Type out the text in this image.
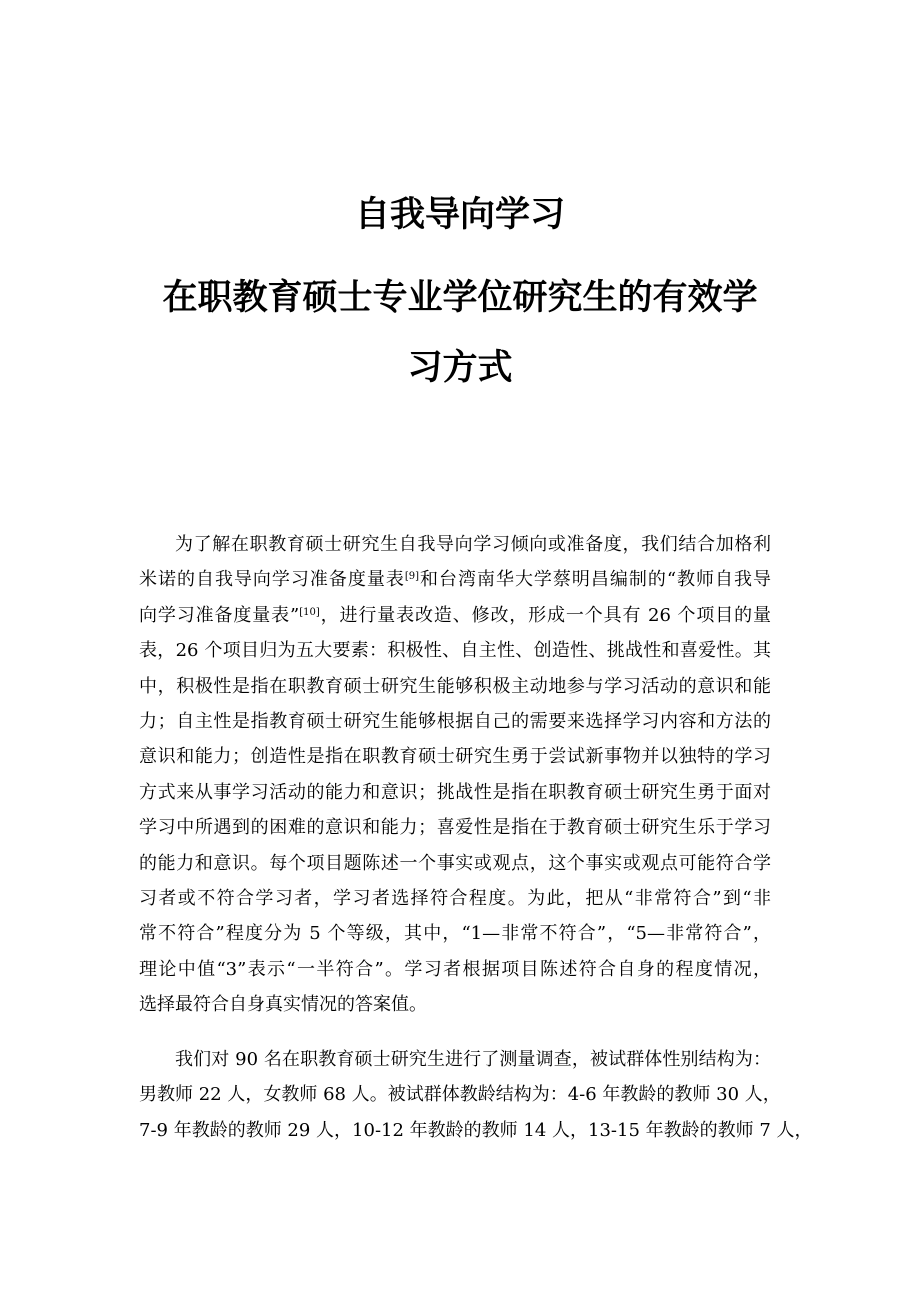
自我导向学习
在职教育硕士专业学位研究生的有效学
习方式
为了解在职教育硕士研究生自我导向学习倾向或准备度，我们结合加格利
米诺的自我导向学习准备度量表[9]和台湾南华大学蔡明昌编制的“教师自我导
向学习准备度量表”[10]，进行量表改造、修改，形成一个具有 26 个项目的量
表，26 个项目归为五大要素：积极性、自主性、创造性、挑战性和喜爱性。其
中，积极性是指在职教育硕士研究生能够积极主动地参与学习活动的意识和能
力；自主性是指教育硕士研究生能够根据自己的需要来选择学习内容和方法的
意识和能力；创造性是指在职教育硕士研究生勇于尝试新事物并以独特的学习
方式来从事学习活动的能力和意识；挑战性是指在职教育硕士研究生勇于面对
学习中所遇到的困难的意识和能力；喜爱性是指在于教育硕士研究生乐于学习
的能力和意识。每个项目题陈述一个事实或观点，这个事实或观点可能符合学
习者或不符合学习者，学习者选择符合程度。为此，把从“非常符合”到“非
常不符合”程度分为 5 个等级，其中，“1—非常不符合”，“5—非常符合”，
理论中值“3”表示“一半符合”。学习者根据项目陈述符合自身的程度情况，
选择最符合自身真实情况的答案值。
我们对 90 名在职教育硕士研究生进行了测量调查，被试群体性别结构为：
男教师 22 人，女教师 68 人。被试群体教龄结构为：4-6 年教龄的教师 30 人，
7-9 年教龄的教师 29 人，10-12 年教龄的教师 14 人，13-15 年教龄的教师 7 人，
